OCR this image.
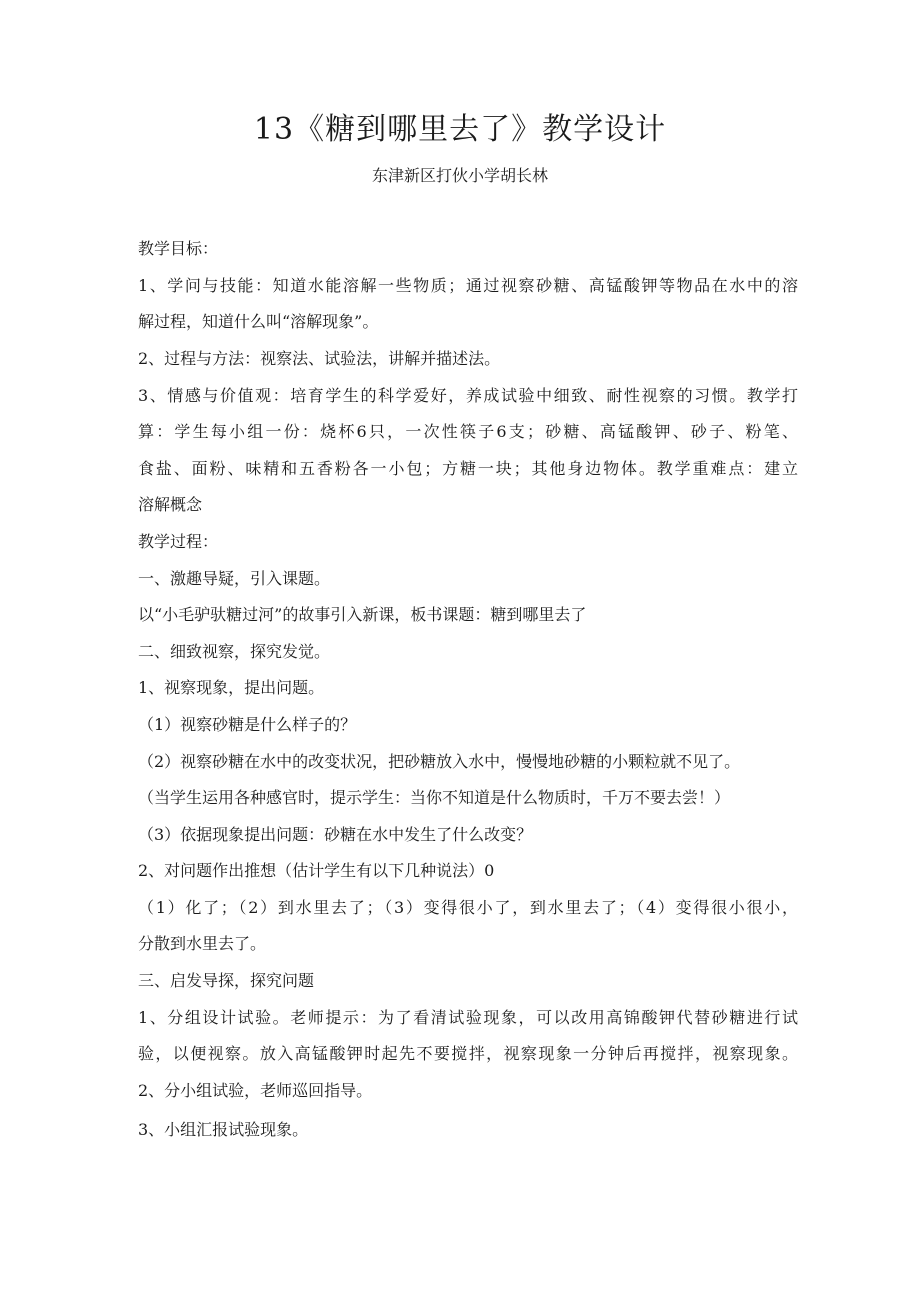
13《糖到哪里去了》教学设计
东津新区打伙小学胡长林
教学目标：
1、学问与技能：知道水能溶解一些物质；通过视察砂糖、高锰酸钾等物品在水中的溶
解过程，知道什么叫“溶解现象”。
2、过程与方法：视察法、试验法，讲解并描述法。
3、情感与价值观：培育学生的科学爱好，养成试验中细致、耐性视察的习惯。教学打
算：学生每小组一份：烧杯6只，一次性筷子6支；砂糖、高锰酸钾、砂子、粉笔、
食盐、面粉、味精和五香粉各一小包；方糖一块；其他身边物体。教学重难点：建立
溶解概念
教学过程：
一、激趣导疑，引入课题。
以“小毛驴驮糖过河”的故事引入新课，板书课题：糖到哪里去了
二、细致视察，探究发觉。
1、视察现象，提出问题。
（1）视察砂糖是什么样子的？
（2）视察砂糖在水中的改变状况，把砂糖放入水中，慢慢地砂糖的小颗粒就不见了。
（当学生运用各种感官时，提示学生：当你不知道是什么物质时，千万不要去尝！）
（3）依据现象提出问题：砂糖在水中发生了什么改变？
2、对问题作出推想（估计学生有以下几种说法）0
（1）化了；（2）到水里去了；（3）变得很小了，到水里去了；（4）变得很小很小，
分散到水里去了。
三、启发导探，探究问题
1、分组设计试验。老师提示：为了看清试验现象，可以改用高锦酸钾代替砂糖进行试
验，以便视察。放入高锰酸钾时起先不要搅拌，视察现象一分钟后再搅拌，视察现象。
2、分小组试验，老师巡回指导。
3、小组汇报试验现象。
